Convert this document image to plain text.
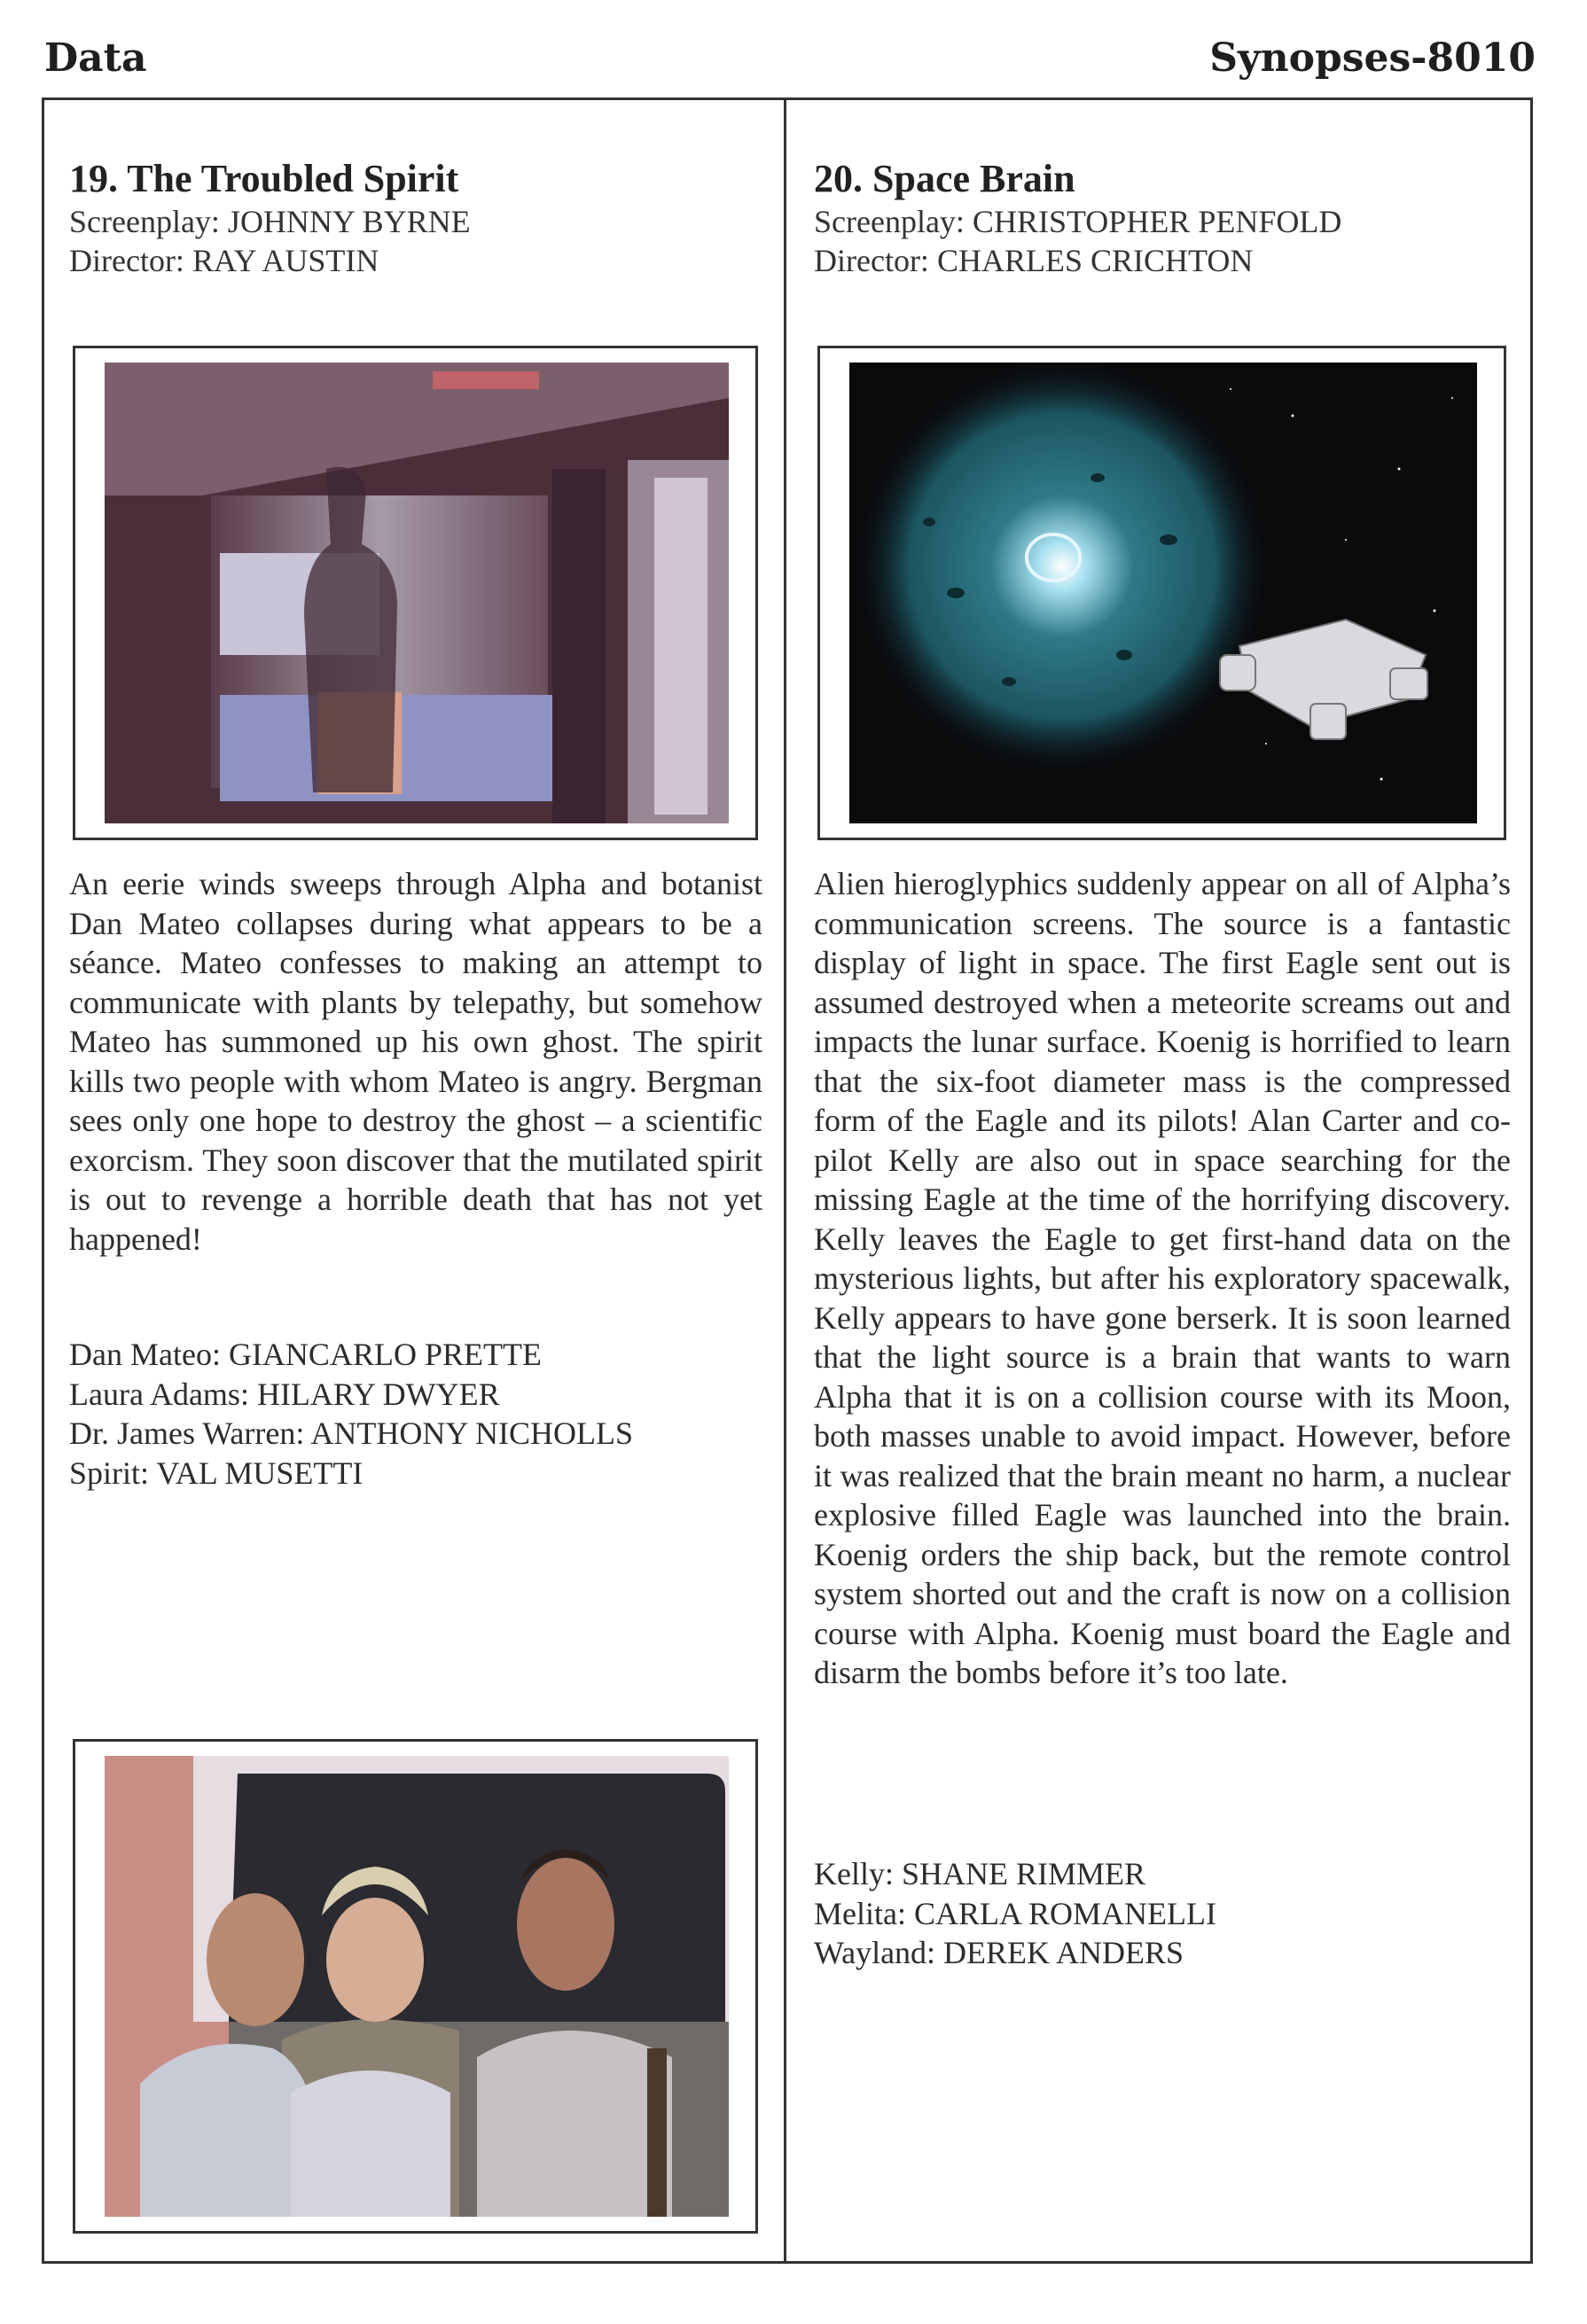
Data	Synopses-8010
19. The Troubled Spirit
Screenplay: JOHNNY BYRNE
Director: RAY AUSTIN

An eerie winds sweeps through Alpha and botanist Dan Mateo collapses during what appears to be a séance. Mateo confesses to making an attempt to communicate with plants by telepathy, but somehow Mateo has summoned up his own ghost. The spirit kills two people with whom Mateo is angry. Bergman sees only one hope to destroy the ghost – a scientific exorcism. They soon discover that the mutilated spirit is out to revenge a horrible death that has not yet happened!

Dan Mateo: GIANCARLO PRETTE
Laura Adams: HILARY DWYER
Dr. James Warren: ANTHONY NICHOLLS
Spirit: VAL MUSETTI
20. Space Brain
Screenplay: CHRISTOPHER PENFOLD
Director: CHARLES CRICHTON

Alien hieroglyphics suddenly appear on all of Alpha’s communication screens. The source is a fantastic display of light in space. The first Eagle sent out is assumed destroyed when a meteorite screams out and impacts the lunar surface. Koenig is horrified to learn that the six-foot diameter mass is the compressed form of the Eagle and its pilots! Alan Carter and co-pilot Kelly are also out in space searching for the missing Eagle at the time of the horrifying discovery. Kelly leaves the Eagle to get first-hand data on the mysterious lights, but after his exploratory spacewalk, Kelly appears to have gone berserk. It is soon learned that the light source is a brain that wants to warn Alpha that it is on a collision course with its Moon, both masses unable to avoid impact. However, before it was realized that the brain meant no harm, a nuclear explosive filled Eagle was launched into the brain. Koenig orders the ship back, but the remote control system shorted out and the craft is now on a collision course with Alpha. Koenig must board the Eagle and disarm the bombs before it’s too late.

Kelly: SHANE RIMMER
Melita: CARLA ROMANELLI
Wayland: DEREK ANDERS
